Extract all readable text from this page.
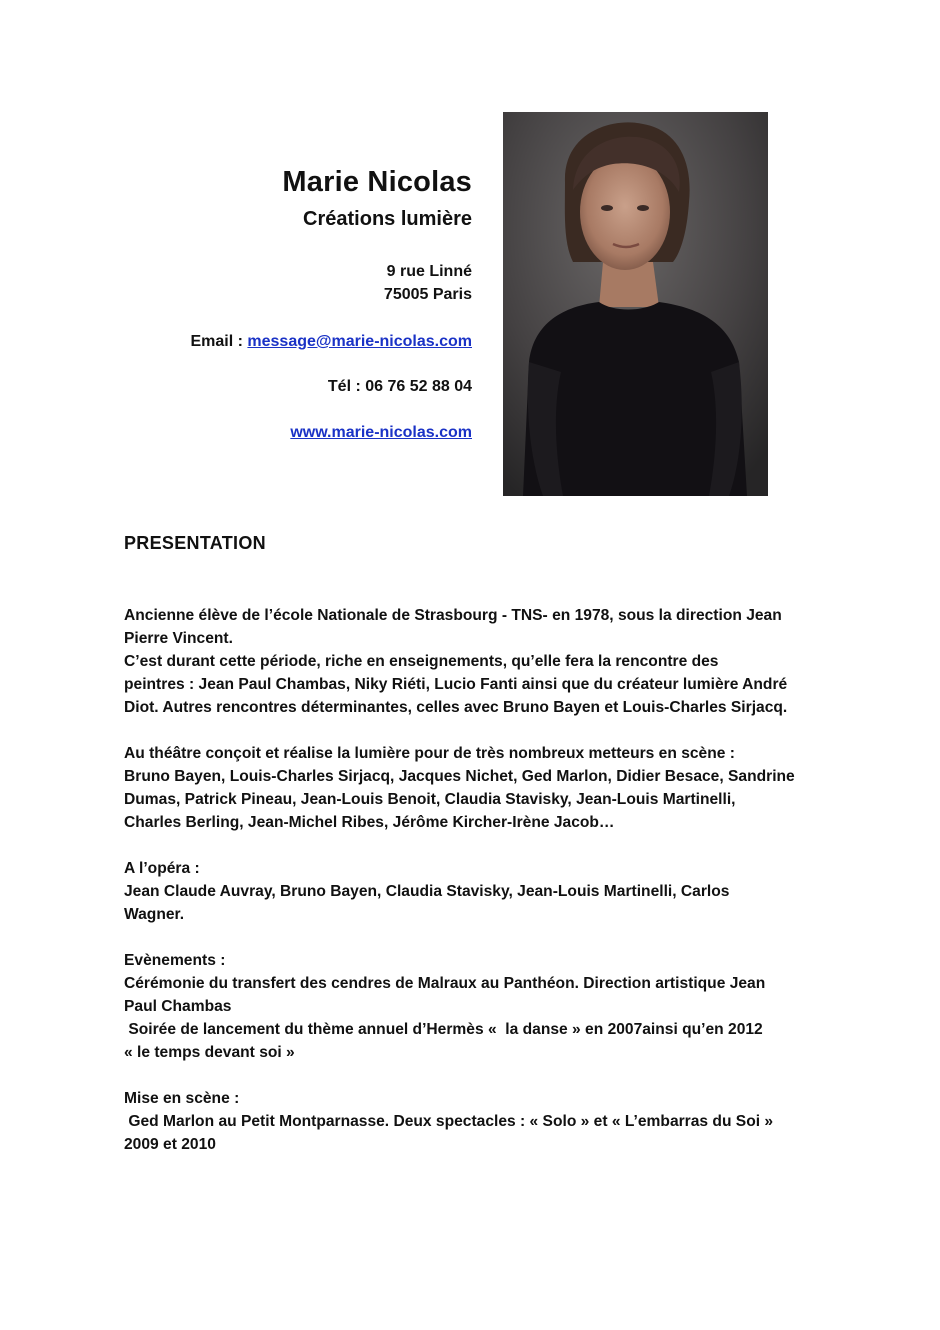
Marie Nicolas
Créations lumière
9 rue Linné
75005 Paris
Email : message@marie-nicolas.com
Tél : 06 76 52 88 04
www.marie-nicolas.com
PRESENTATION
Ancienne élève de l’école Nationale de Strasbourg - TNS- en 1978, sous la direction Jean
Pierre Vincent.
C’est durant cette période, riche en enseignements, qu’elle fera la rencontre des
peintres : Jean Paul Chambas, Niky Riéti, Lucio Fanti ainsi que du créateur lumière André
Diot. Autres rencontres déterminantes, celles avec Bruno Bayen et Louis-Charles Sirjacq.
Au théâtre conçoit et réalise la lumière pour de très nombreux metteurs en scène :
Bruno Bayen, Louis-Charles Sirjacq, Jacques Nichet, Ged Marlon, Didier Besace, Sandrine
Dumas, Patrick Pineau, Jean-Louis Benoit, Claudia Stavisky, Jean-Louis Martinelli,
Charles Berling, Jean-Michel Ribes, Jérôme Kircher-Irène Jacob…
A l’opéra :
Jean Claude Auvray, Bruno Bayen, Claudia Stavisky, Jean-Louis Martinelli, Carlos
Wagner.
Evènements :
Cérémonie du transfert des cendres de Malraux au Panthéon. Direction artistique Jean
Paul Chambas
Soirée de lancement du thème annuel d’Hermès «  la danse » en 2007ainsi qu’en 2012
« le temps devant soi »
Mise en scène :
Ged Marlon au Petit Montparnasse. Deux spectacles : « Solo » et « L’embarras du Soi »
2009 et 2010
